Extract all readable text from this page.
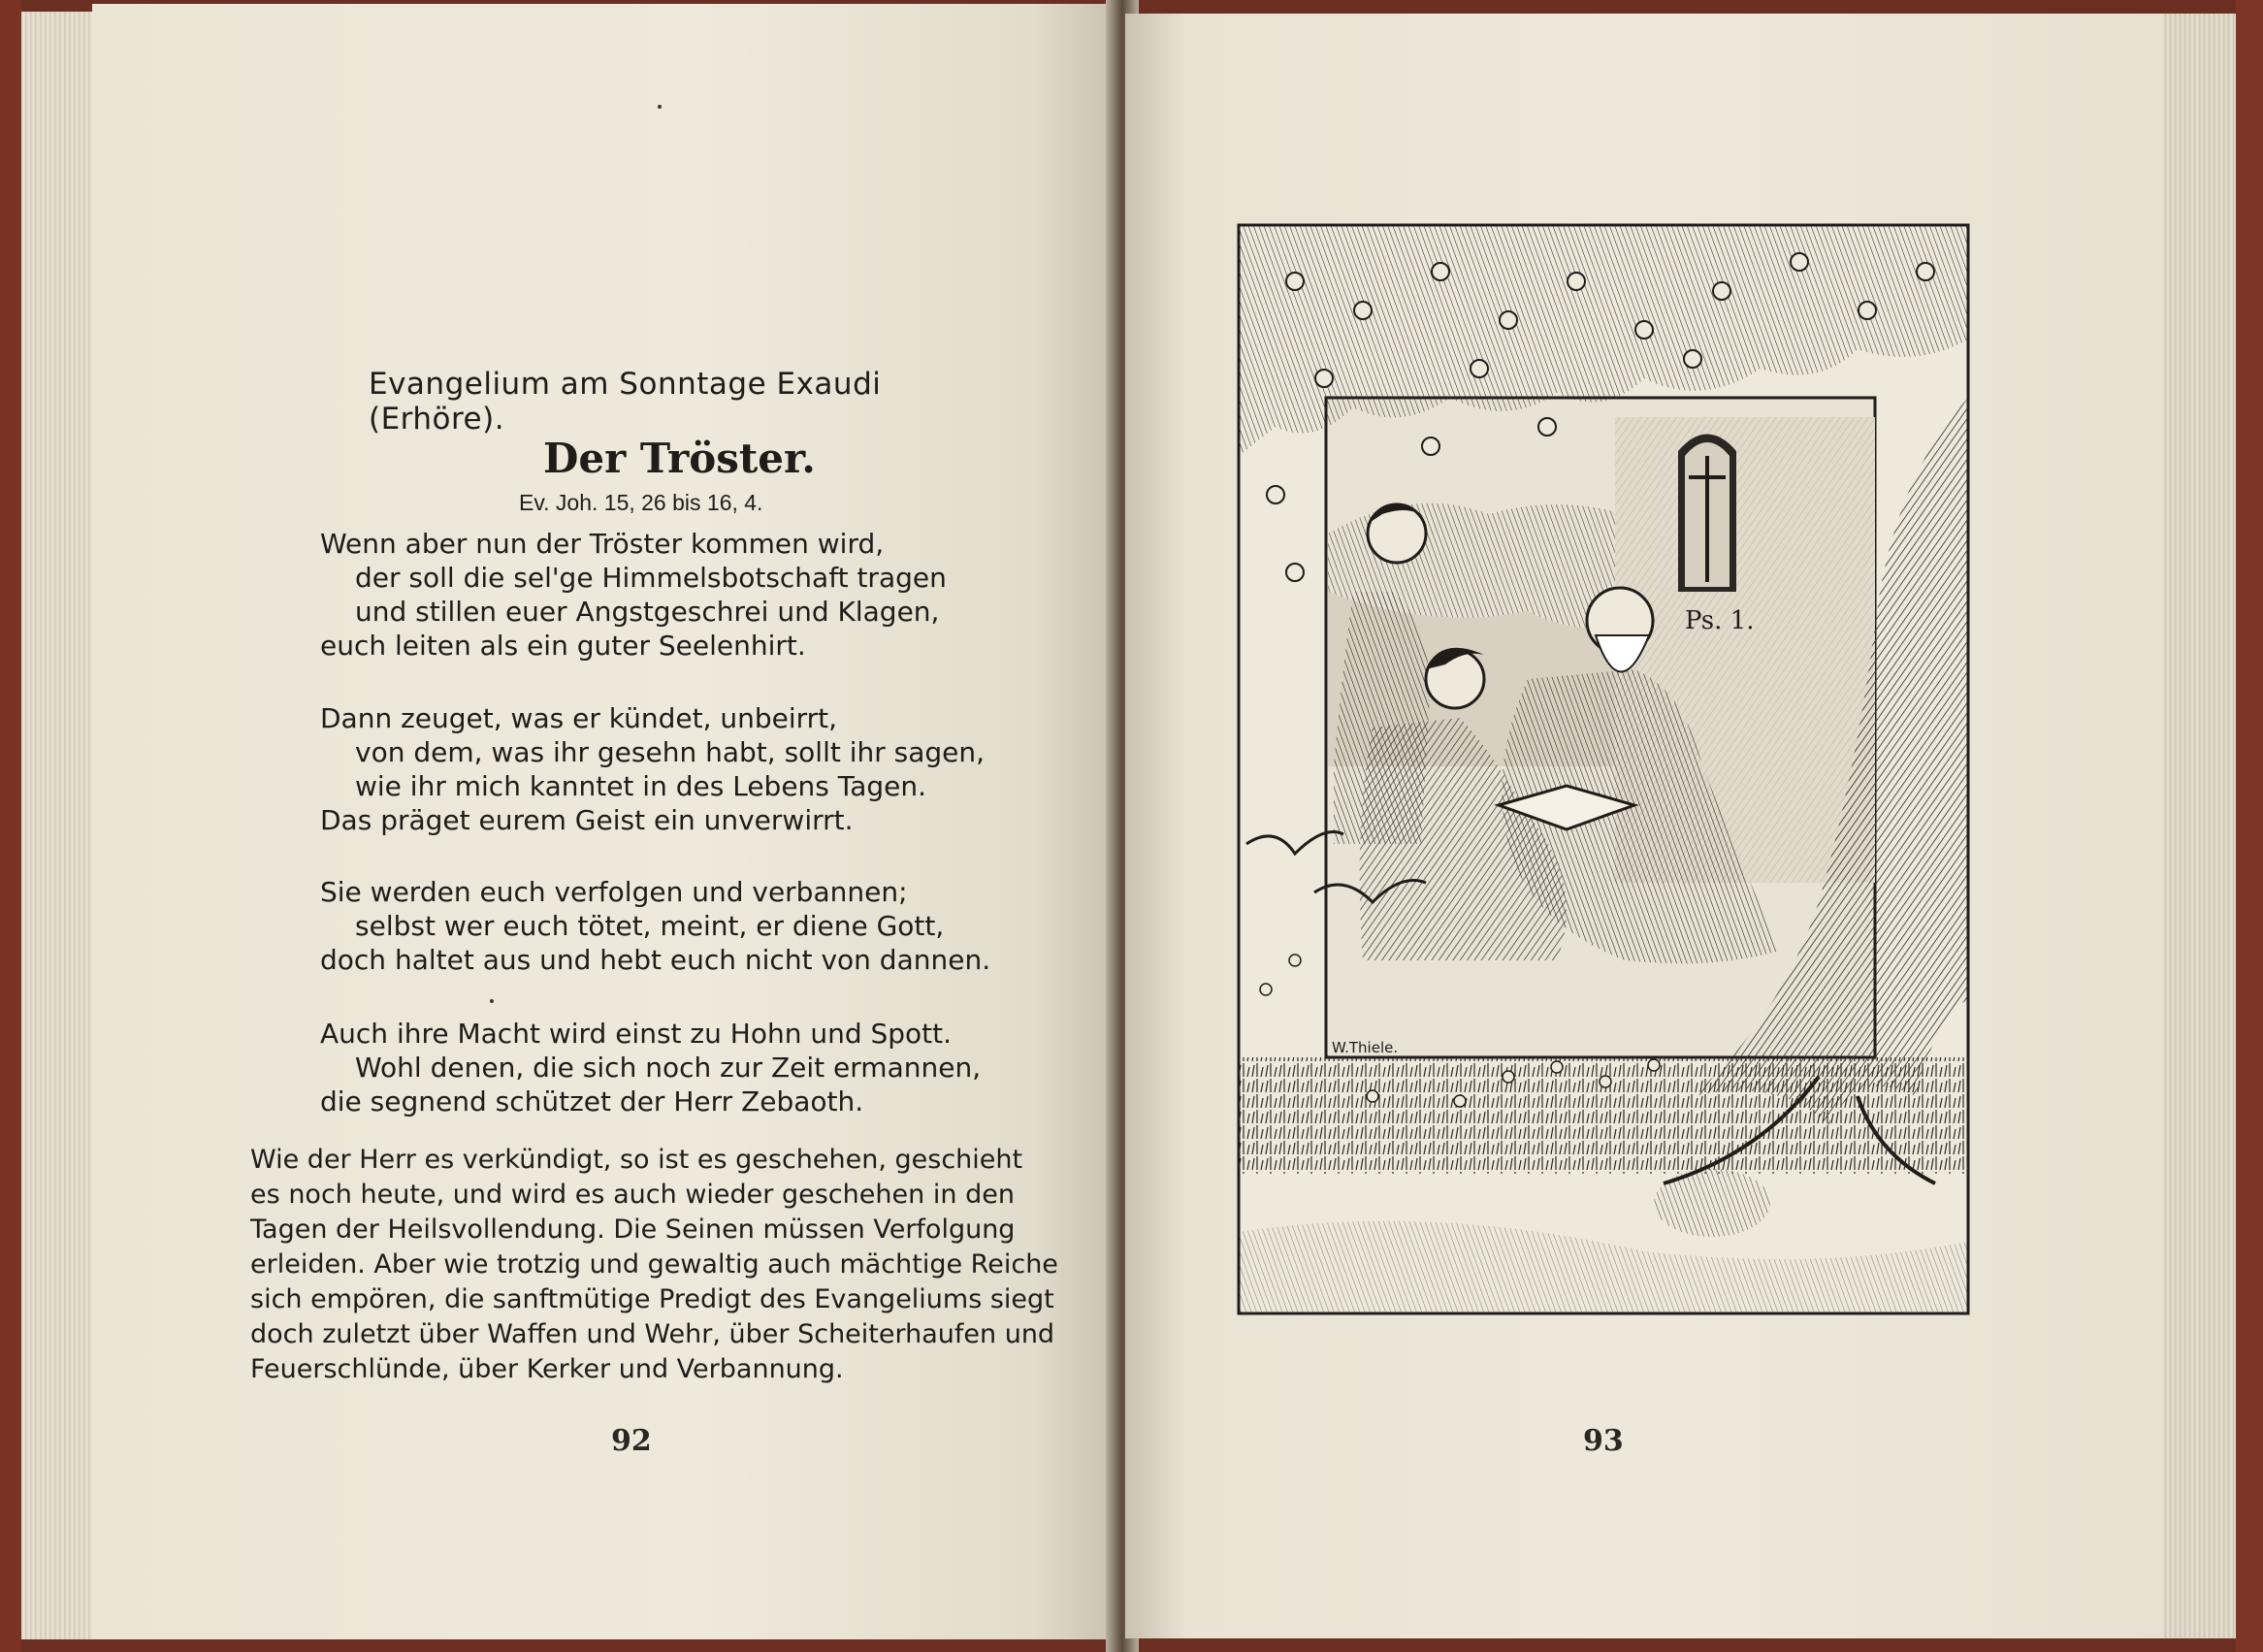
Evangelium am Sonntage Exaudi (Erhöre).
Der Tröster.
Ev. Joh. 15, 26 bis 16, 4.
Wenn aber nun der Tröster kommen wird,
der soll die sel'ge Himmelsbotschaft tragen
und stillen euer Angstgeschrei und Klagen,
euch leiten als ein guter Seelenhirt.
Dann zeuget, was er kündet, unbeirrt,
von dem, was ihr gesehn habt, sollt ihr sagen,
wie ihr mich kanntet in des Lebens Tagen.
Das präget eurem Geist ein unverwirrt.
Sie werden euch verfolgen und verbannen;
selbst wer euch tötet, meint, er diene Gott,
doch haltet aus und hebt euch nicht von dannen.
Auch ihre Macht wird einst zu Hohn und Spott.
Wohl denen, die sich noch zur Zeit ermannen,
die segnend schützet der Herr Zebaoth.
Wie der Herr es verkündigt, so ist es geschehen, geschieht
es noch heute, und wird es auch wieder geschehen in den
Tagen der Heilsvollendung. Die Seinen müssen Verfolgung
erleiden. Aber wie trotzig und gewaltig auch mächtige Reiche
sich empören, die sanftmütige Predigt des Evangeliums siegt
doch zuletzt über Waffen und Wehr, über Scheiterhaufen und
Feuerschlünde, über Kerker und Verbannung.
92
Ps. 1.
W.Thiele.
93
